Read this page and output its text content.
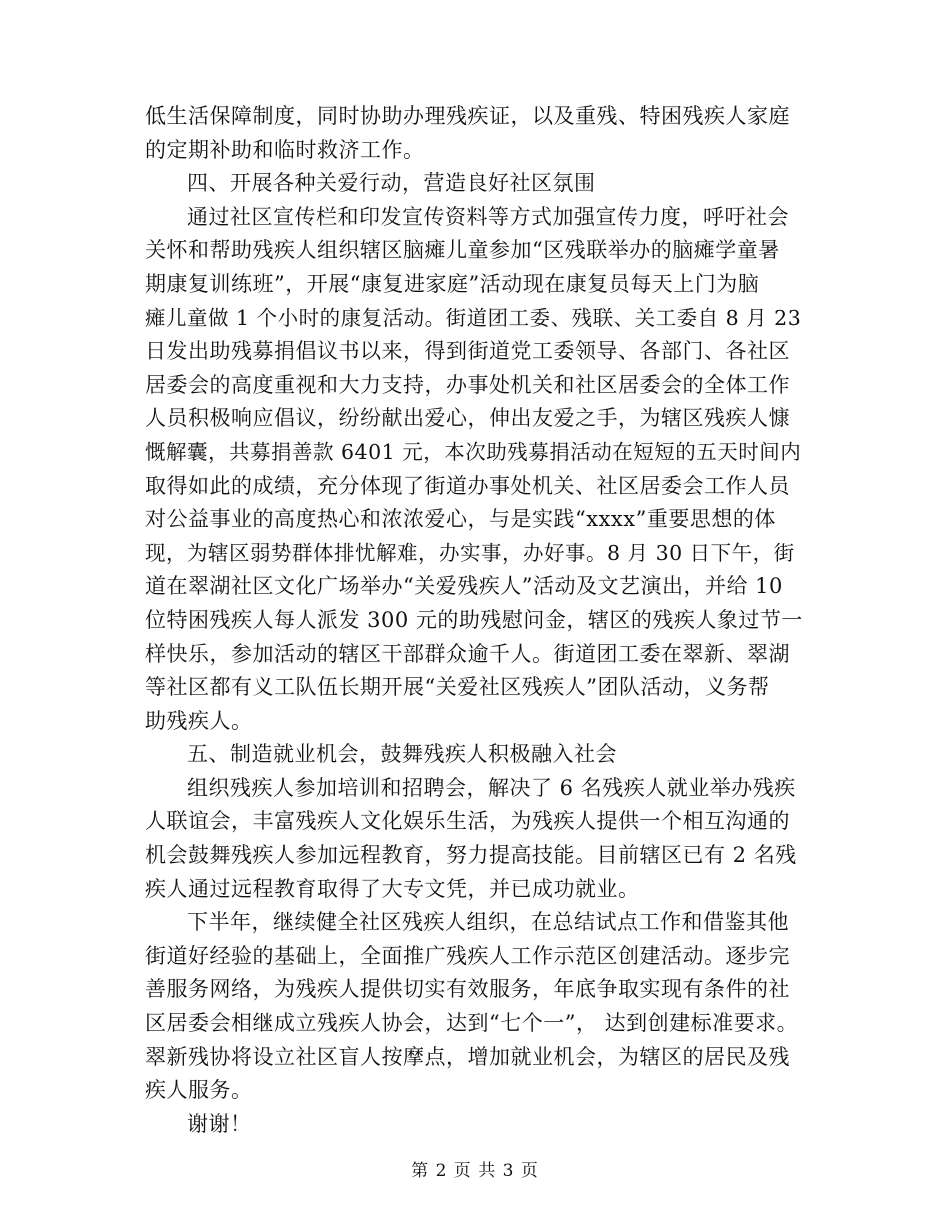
低生活保障制度，同时协助办理残疾证，以及重残、特困残疾人家庭
的定期补助和临时救济工作。
四、开展各种关爱行动，营造良好社区氛围
通过社区宣传栏和印发宣传资料等方式加强宣传力度，呼吁社会
关怀和帮助残疾人组织辖区脑瘫儿童参加“区残联举办的脑瘫学童暑
期康复训练班”，开展“康复进家庭”活动现在康复员每天上门为脑
瘫儿童做 1 个小时的康复活动。街道团工委、残联、关工委自 8 月 23
日发出助残募捐倡议书以来，得到街道党工委领导、各部门、各社区
居委会的高度重视和大力支持，办事处机关和社区居委会的全体工作
人员积极响应倡议，纷纷献出爱心，伸出友爱之手，为辖区残疾人慷
慨解囊，共募捐善款 6401 元，本次助残募捐活动在短短的五天时间内
取得如此的成绩，充分体现了街道办事处机关、社区居委会工作人员
对公益事业的高度热心和浓浓爱心，与是实践“xxxx”重要思想的体
现，为辖区弱势群体排忧解难，办实事，办好事。8 月 30 日下午，街
道在翠湖社区文化广场举办“关爱残疾人”活动及文艺演出，并给 10
位特困残疾人每人派发 300 元的助残慰问金，辖区的残疾人象过节一
样快乐，参加活动的辖区干部群众逾千人。街道团工委在翠新、翠湖
等社区都有义工队伍长期开展“关爱社区残疾人”团队活动，义务帮
助残疾人。
五、制造就业机会，鼓舞残疾人积极融入社会
组织残疾人参加培训和招聘会，解决了 6 名残疾人就业举办残疾
人联谊会，丰富残疾人文化娱乐生活，为残疾人提供一个相互沟通的
机会鼓舞残疾人参加远程教育，努力提高技能。目前辖区已有 2 名残
疾人通过远程教育取得了大专文凭，并已成功就业。
下半年，继续健全社区残疾人组织，在总结试点工作和借鉴其他
街道好经验的基础上，全面推广残疾人工作示范区创建活动。逐步完
善服务网络，为残疾人提供切实有效服务，年底争取实现有条件的社
区居委会相继成立残疾人协会，达到“七个一”， 达到创建标准要求。
翠新残协将设立社区盲人按摩点，增加就业机会，为辖区的居民及残
疾人服务。
谢谢！
第 2 页 共 3 页
